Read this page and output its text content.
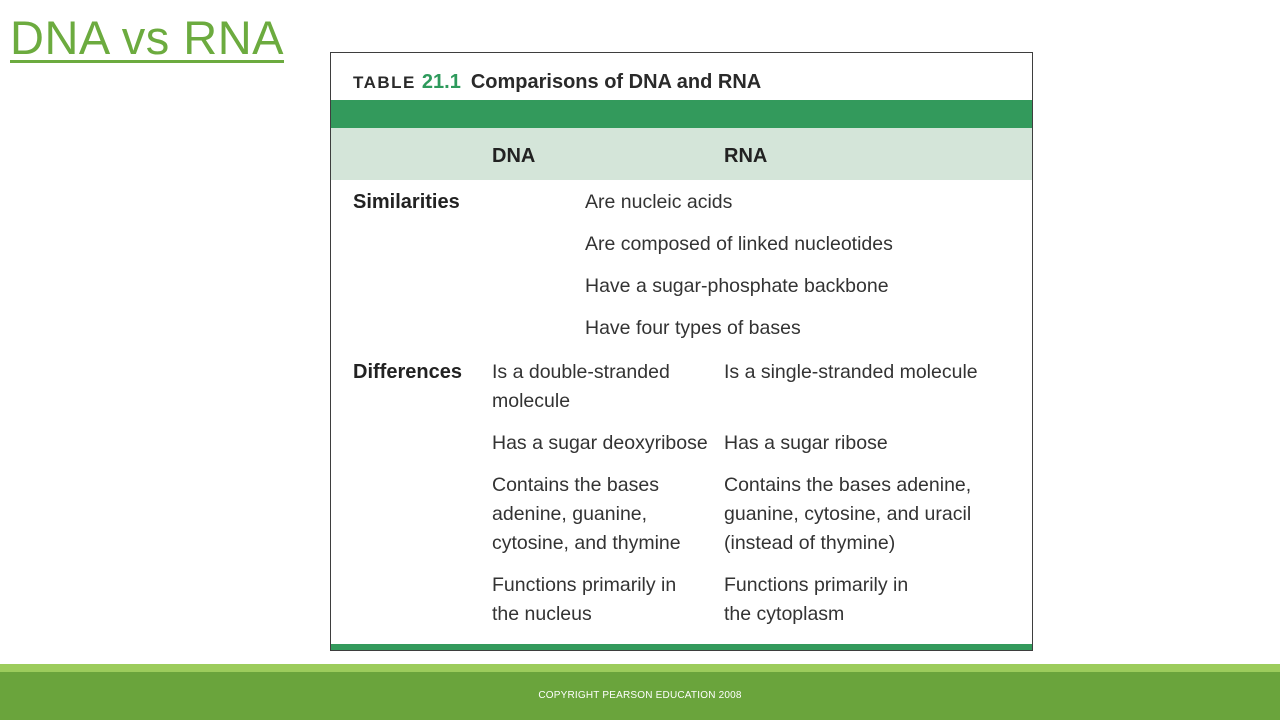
DNA vs RNA
TABLE 21.1 Comparisons of DNA and RNA
DNA	RNA
Similarities	Are nucleic acids
Are composed of linked nucleotides
Have a sugar-phosphate backbone
Have four types of bases
Differences Is a double-stranded
molecule
Is a single-stranded molecule
Has a sugar deoxyribose Has a sugar ribose
Contains the bases
adenine, guanine,
cytosine, and thymine
Contains the bases adenine,
guanine, cytosine, and uracil
(instead of thymine)
Functions primarily in
the nucleus
Functions primarily in
the cytoplasm
COPYRIGHT PEARSON EDUCATION 2008
